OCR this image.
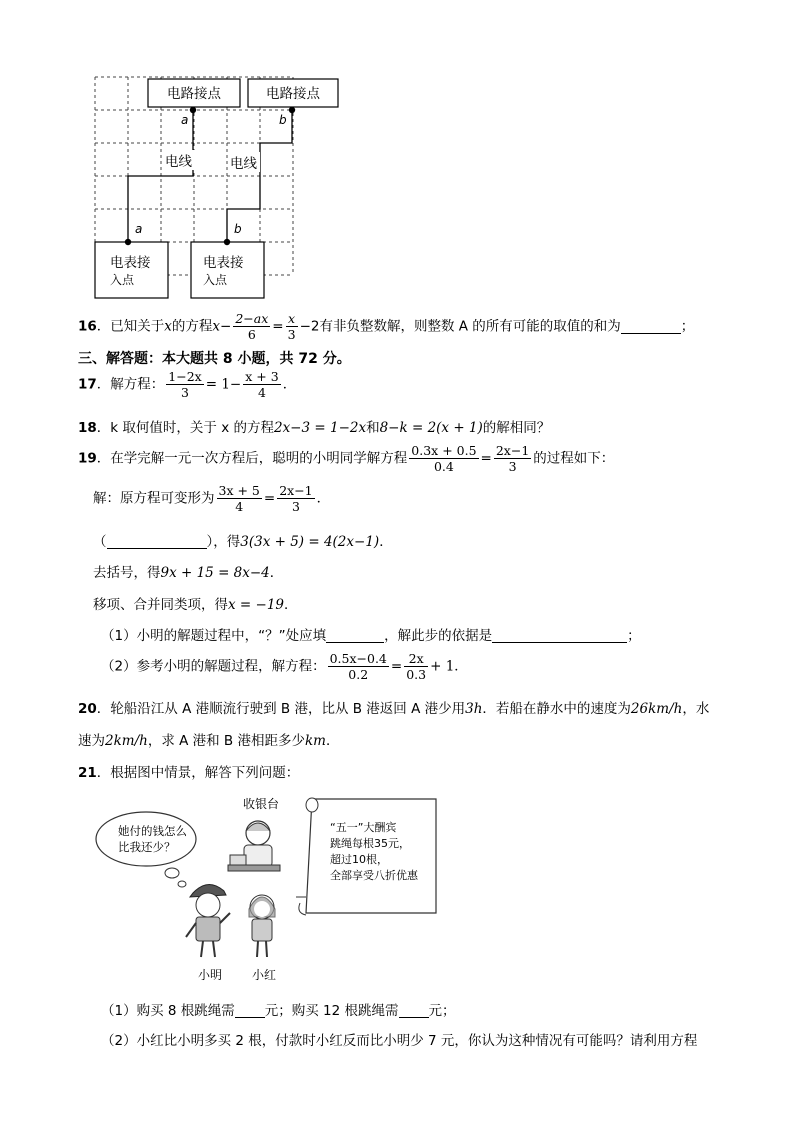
电路接点	电路接点
a	b
电线	电线
a	b
电表接
入点
电表接
入点
16．已知关于x的方程$x- \frac{2-ax}{6} = \frac{x}{3} -2$有非负整数解，则整数 A 的所有可能的取值的和为	；
三、解答题：本大题共 8 小题，共 72 分。
17．解方程： $\frac{1-2x}{3} = 1- \frac{x + 3}{4}$ ．
18．k 取何值时，关于 x 的方程2x−3 = 1−2x和8−k = 2(x + 1)的解相同？
19．在学完解一元一次方程后，聪明的小明同学解方程 $\frac{0.3x + 0.5}{0.4} = \frac{2x-1}{3}$ 的过程如下：
解：原方程可变形为 $\frac{3x + 5}{4} = \frac{2x-1}{3}$ ．
（	），得3(3x + 5) = 4(2x−1)．
去括号，得9x + 15 = 8x−4．
移项、合并同类项，得x = −19．
（1）小明的解题过程中，“？”处应填	，解此步的依据是	；
（2）参考小明的解题过程，解方程： $\frac{0.5x-0.4}{0.2} = \frac{2x}{0.3} + 1$．
20．轮船沿江从 A 港顺流行驶到 B 港，比从 B 港返回 A 港少用3h．若船在静水中的速度为26km/h，水
速为2km/h，求 A 港和 B 港相距多少km．
21．根据图中情景，解答下列问题：
收银台
她付的钱怎么
比我还少？
“五一”大酬宾
跳绳每根35元，
超过10根，
全部享受八折优惠
小明 小红
（1）购买 8 根跳绳需 元；购买 12 根跳绳需 元；
（2）小红比小明多买 2 根，付款时小红反而比小明少 7 元，你认为这种情况有可能吗？请利用方程
